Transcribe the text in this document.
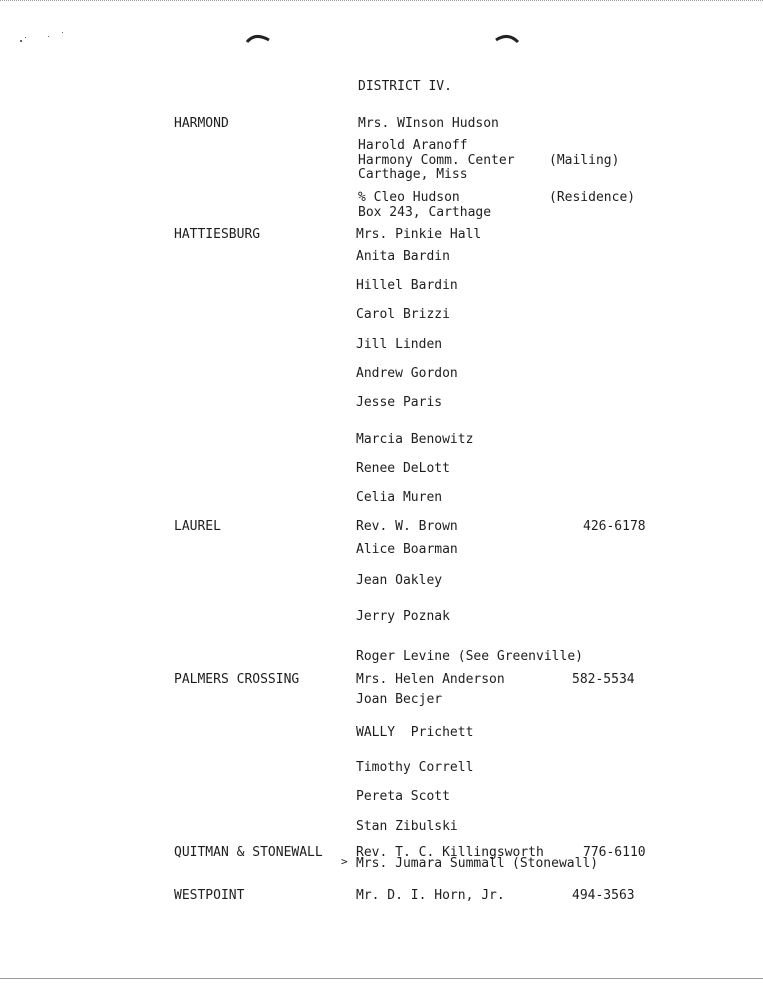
DISTRICT IV.
HARMOND	Mrs. WInson Hudson
Harold Aranoff
Harmony Comm. Center	(Mailing)
Carthage, Miss
% Cleo Hudson	(Residence)
Box 243, Carthage
HATTIESBURG	Mrs. Pinkie Hall
Anita Bardin
Hillel Bardin
Carol Brizzi
Jill Linden
Andrew Gordon
Jesse Paris
Marcia Benowitz
Renee DeLott
Celia Muren
LAUREL	Rev. W. Brown	426-6178
Alice Boarman
Jean Oakley
Jerry Poznak
Roger Levine (See Greenville)
PALMERS CROSSING	Mrs. Helen Anderson	582-5534
Joan Becjer
WALLY  Prichett
Timothy Correll
Pereta Scott
Stan Zibulski
QUITMAN & STONEWALL	Rev. T. C. Killingsworth	776-6110
> Mrs. Jumara Summall (Stonewall)
WESTPOINT	Mr. D. I. Horn, Jr.	494-3563
